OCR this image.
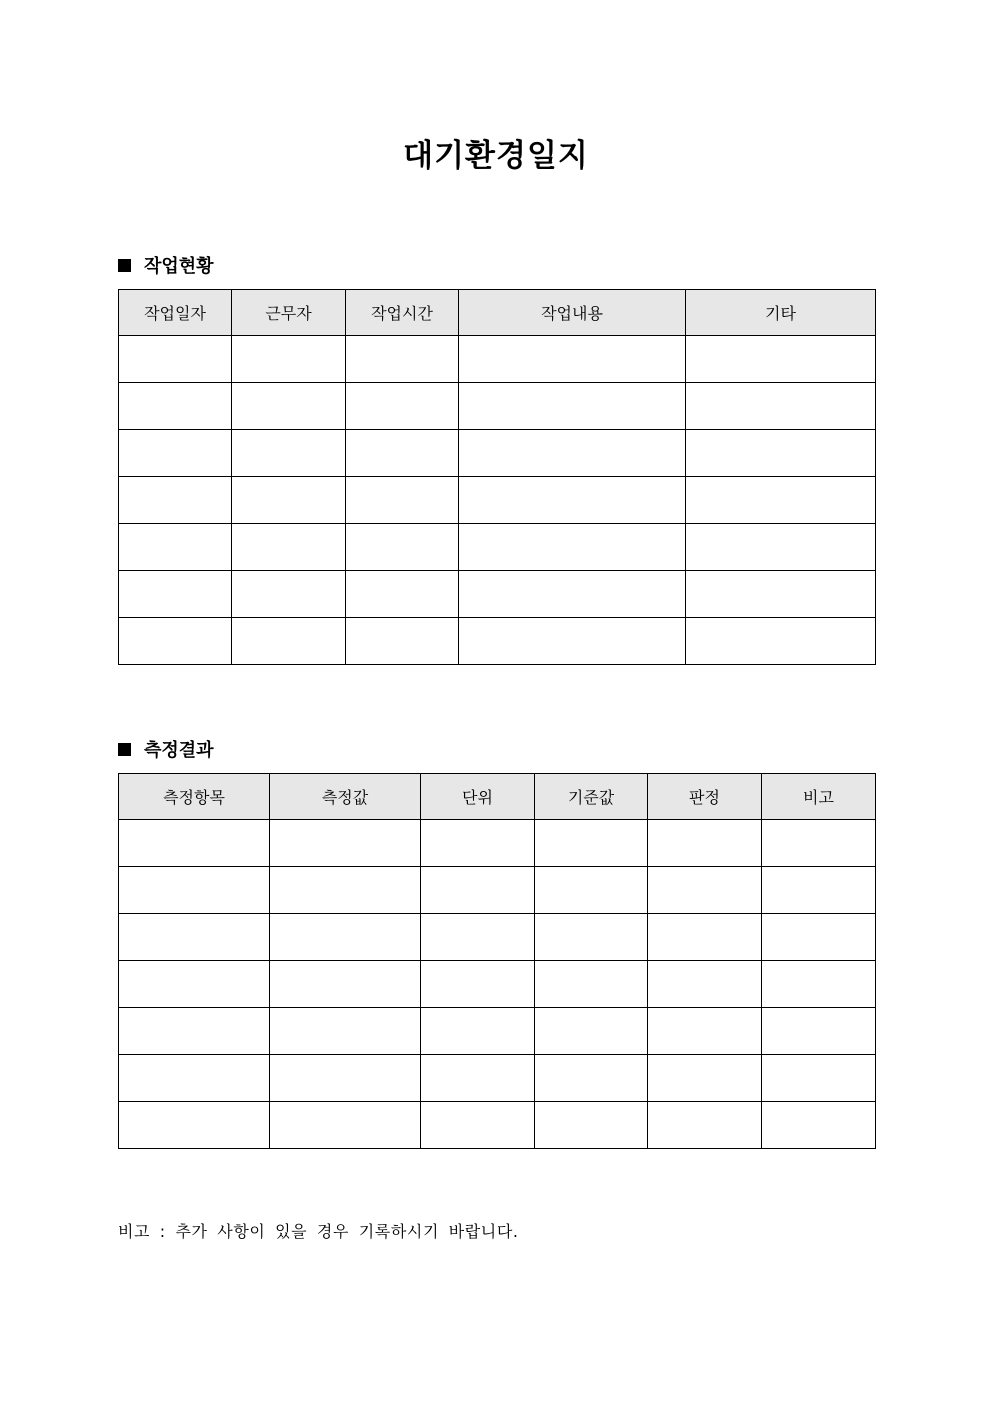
대기환경일지
작업현황
작업일자	근무자	작업시간	작업내용	기타

측정결과
측정항목	측정값	단위	기준값	판정	비고

비고 : 추가 사항이 있을 경우 기록하시기 바랍니다.
